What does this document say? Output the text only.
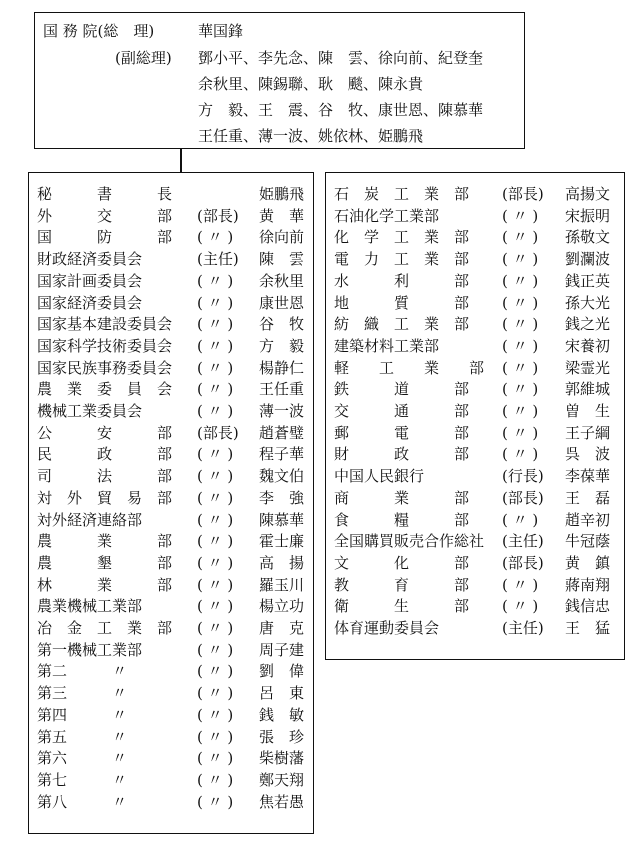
国 務 院(総　理)	華国鋒
(副総理) 鄧小平、李先念、陳　雲、徐向前、紀登奎
余秋里、陳錫聯、耿　颷、陳永貴
方　毅、王　震、谷　牧、康世恩、陳慕華
王任重、薄一波、姚依林、姫鵬飛
秘　　　書　　　長	姫鵬飛
外　　　交　　　部 (部長) 黄　華
国　　　防　　　部 ( 〃 ) 徐向前
財政経済委員会	(主任) 陳　雲
国家計画委員会	( 〃 ) 余秋里
国家経済委員会	( 〃 ) 康世恩
国家基本建設委員会 ( 〃 ) 谷　牧
国家科学技術委員会 ( 〃 ) 方　毅
国家民族事務委員会 ( 〃 ) 楊静仁
農　業　委　員　会 ( 〃 ) 王任重
機械工業委員会	( 〃 ) 薄一波
公　　　安　　　部 (部長) 趙蒼璧
民　　　政　　　部 ( 〃 ) 程子華
司　　　法　　　部 ( 〃 ) 魏文伯
対　外　貿　易　部 ( 〃 ) 李　強
対外経済連絡部	( 〃 ) 陳慕華
農　　　業　　　部 ( 〃 ) 霍士廉
農　　　墾　　　部 ( 〃 ) 高　揚
林　　　業　　　部 ( 〃 ) 羅玉川
農業機械工業部	( 〃 ) 楊立功
冶　金　工　業　部 ( 〃 ) 唐　克
第一機械工業部	( 〃 ) 周子建
第二　　　〃	( 〃 ) 劉　偉
第三　　　〃	( 〃 ) 呂　東
第四　　　〃	( 〃 ) 銭　敏
第五　　　〃	( 〃 ) 張　珍
第六　　　〃	( 〃 ) 柴樹藩
第七　　　〃	( 〃 ) 鄭天翔
第八　　　〃	( 〃 ) 焦若愚
石　炭　工　業　部 (部長) 高揚文
石油化学工業部	( 〃 ) 宋振明
化　学　工　業　部 ( 〃 ) 孫敬文
電　力　工　業　部 ( 〃 ) 劉瀾波
水　　　利　　　部 ( 〃 ) 銭正英
地　　　質　　　部 ( 〃 ) 孫大光
紡　織　工　業　部 ( 〃 ) 銭之光
建築材料工業部	( 〃 ) 宋養初
軽　　工　　業　　部 ( 〃 ) 梁霊光
鉄　　　道　　　部 ( 〃 ) 郭維城
交　　　通　　　部 ( 〃 ) 曽　生
郵　　　電　　　部 ( 〃 ) 王子綱
財　　　政　　　部 ( 〃 ) 呉　波
中国人民銀行	(行長) 李葆華
商　　　業　　　部 (部長) 王　磊
食　　　糧　　　部 ( 〃 ) 趙辛初
全国購買販売合作総社 (主任) 牛冠蔭
文　　　化　　　部 (部長) 黄　鎮
教　　　育　　　部 ( 〃 ) 蔣南翔
衛　　　生　　　部 ( 〃 ) 銭信忠
体育運動委員会	(主任) 王　猛
